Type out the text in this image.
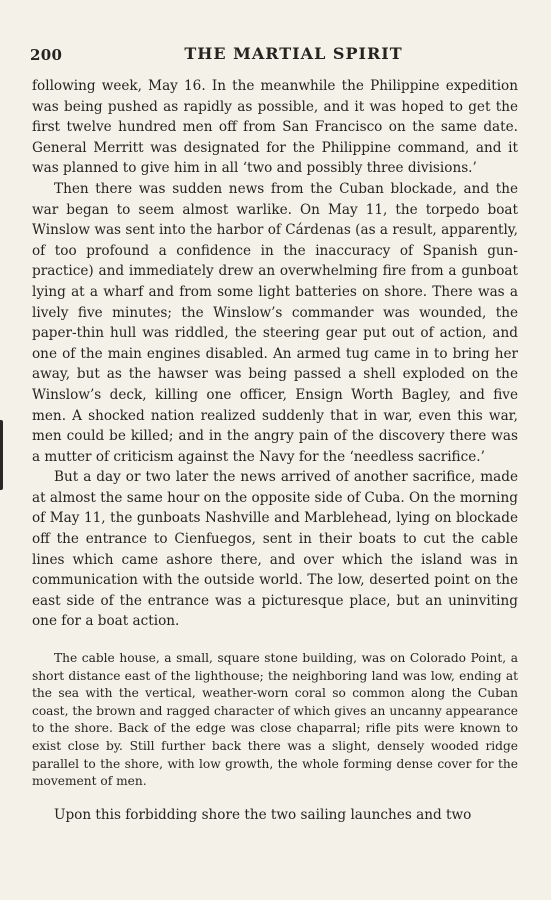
200	THE MARTIAL SPIRIT

following week, May 16. In the meanwhile the Philippine expedition was being pushed as rapidly as possible, and it was hoped to get the first twelve hundred men off from San Francisco on the same date. General Merritt was designated for the Philippine command, and it was planned to give him in all ‘two and possibly three divisions.’

Then there was sudden news from the Cuban blockade, and the war began to seem almost warlike. On May 11, the torpedo boat Winslow was sent into the harbor of Cárdenas (as a result, apparently, of too profound a confidence in the inaccuracy of Spanish gun-practice) and immediately drew an overwhelming fire from a gunboat lying at a wharf and from some light batteries on shore. There was a lively five minutes; the Winslow’s commander was wounded, the paper-thin hull was riddled, the steering gear put out of action, and one of the main engines disabled. An armed tug came in to bring her away, but as the hawser was being passed a shell exploded on the Winslow’s deck, killing one officer, Ensign Worth Bagley, and five men. A shocked nation realized suddenly that in war, even this war, men could be killed; and in the angry pain of the discovery there was a mutter of criticism against the Navy for the ‘needless sacrifice.’

But a day or two later the news arrived of another sacrifice, made at almost the same hour on the opposite side of Cuba. On the morning of May 11, the gunboats Nashville and Marblehead, lying on blockade off the entrance to Cienfuegos, sent in their boats to cut the cable lines which came ashore there, and over which the island was in communication with the outside world. The low, deserted point on the east side of the entrance was a picturesque place, but an uninviting one for a boat action.

The cable house, a small, square stone building, was on Colorado Point, a short distance east of the lighthouse; the neighboring land was low, ending at the sea with the vertical, weather-worn coral so common along the Cuban coast, the brown and ragged character of which gives an uncanny appearance to the shore. Back of the edge was close chaparral; rifle pits were known to exist close by. Still further back there was a slight, densely wooded ridge parallel to the shore, with low growth, the whole forming dense cover for the movement of men.

Upon this forbidding shore the two sailing launches and two
